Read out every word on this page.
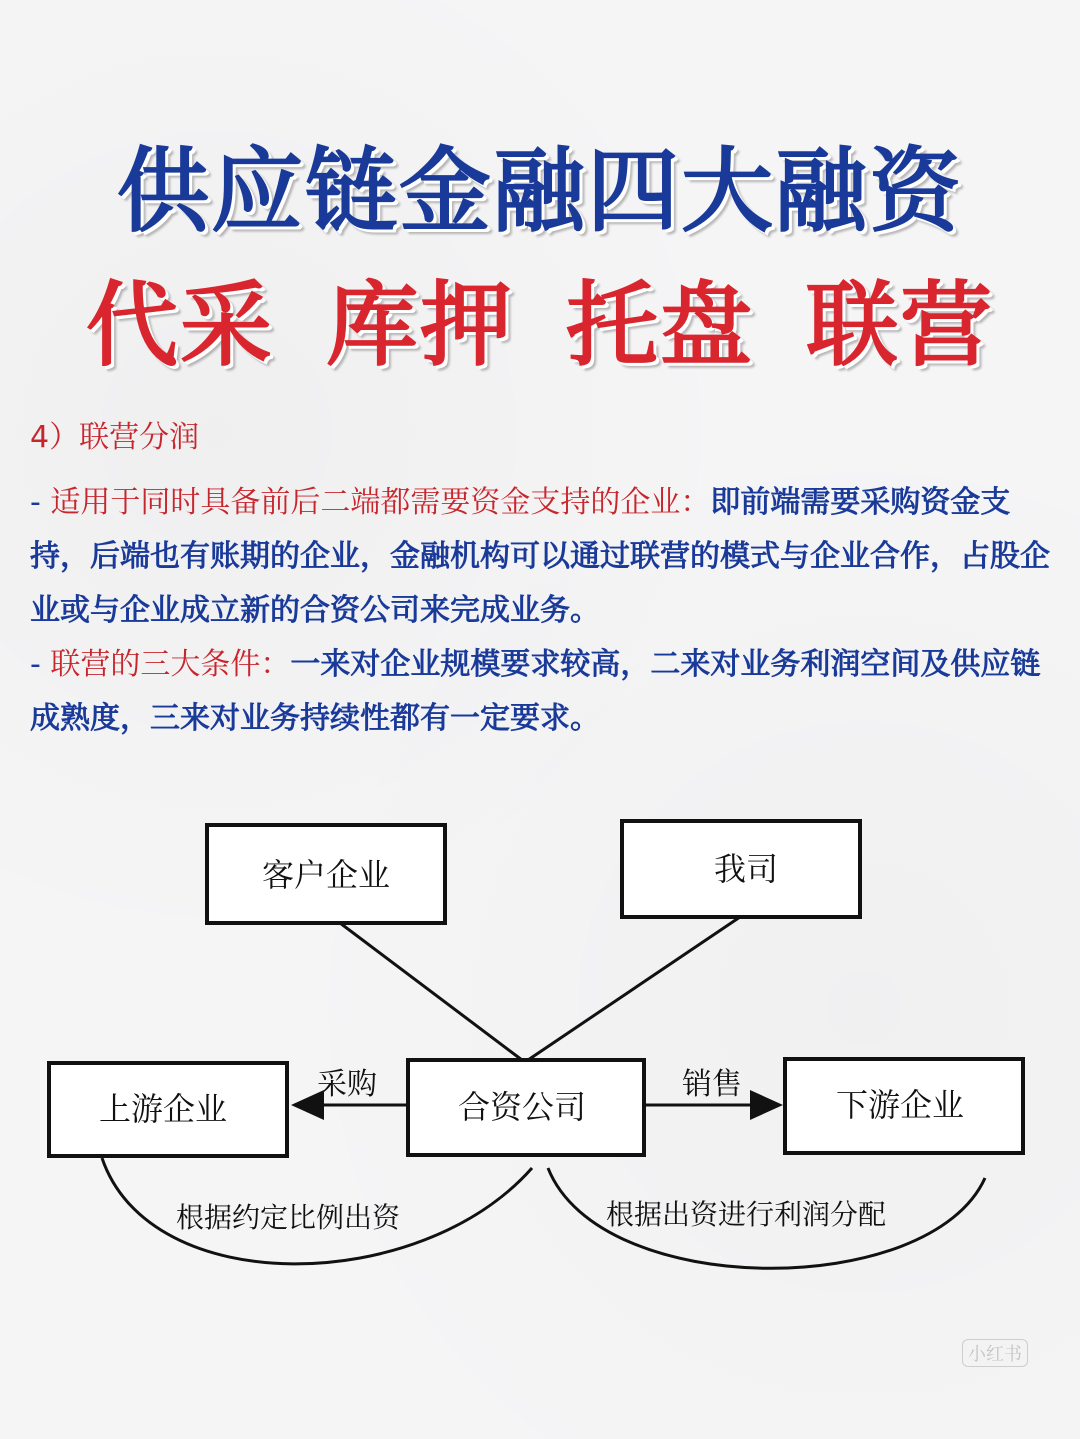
供应链金融四大融资
代采 库押 托盘 联营
4）联营分润

- 适用于同时具备前后二端都需要资金支持的企业：即前端需要采购资金支持，后端也有账期的企业，金融机构可以通过联营的模式与企业合作，占股企业或与企业成立新的合资公司来完成业务。

- 联营的三大条件：一来对企业规模要求较高，二来对业务利润空间及供应链成熟度，三来对业务持续性都有一定要求。

客户企业	我司
上游企业	合资公司	下游企业
采购	销售
根据约定比例出资	根据出资进行利润分配
小红书
